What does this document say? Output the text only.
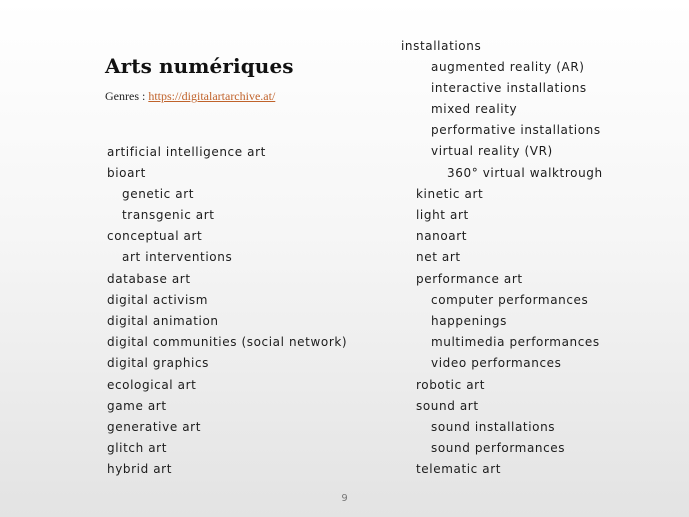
Arts numériques
Genres : https://digitalartarchive.at/
artificial intelligence art
bioart
genetic art
transgenic art
conceptual art
art interventions
database art
digital activism
digital animation
digital communities (social network)
digital graphics
ecological art
game art
generative art
glitch art
hybrid art
installations
augmented reality (AR)
interactive installations
mixed reality
performative installations
virtual reality (VR)
360° virtual walktrough
kinetic art
light art
nanoart
net art
performance art
computer performances
happenings
multimedia performances
video performances
robotic art
sound art
sound installations
sound performances
telematic art
9
